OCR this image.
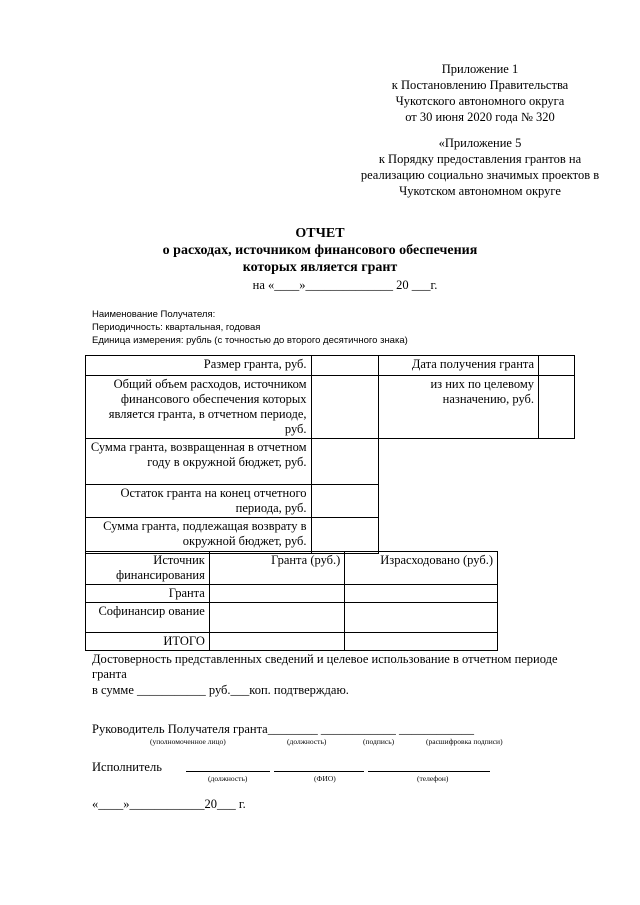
Приложение 1
к Постановлению Правительства
Чукотского автономного округа
от 30 июня 2020 года № 320
«Приложение 5
к Порядку предоставления грантов на
реализацию социально значимых проектов в
Чукотском автономном округе
ОТЧЕТ
о расходах, источником финансового обеспечения
которых является грант
на «____»______________ 20 ___г.
Наименование Получателя:
Периодичность: квартальная, годовая
Единица измерения: рубль (с точностью до второго десятичного знака)
Размер гранта, руб.		Дата получения гранта	
Общий объем расходов, источником финансового обеспечения которых является гранта, в отчетном периоде, руб.		из них по целевому назначению, руб.	
Сумма гранта, возвращенная в отчетном году в окружной бюджет, руб.			
Остаток гранта на конец отчетного периода, руб.			
Сумма гранта, подлежащая возврату в окружной бюджет, руб.			
Источник финансирования	Гранта (руб.)	Израсходовано (руб.)
Гранта		
Софинансир ование		
ИТОГО		
Достоверность представленных сведений и целевое использование в отчетном периоде
гранта
в сумме ___________ руб.___коп. подтверждаю.
Руководитель Получателя гранта________ ____________ ____________
(уполномоченное лицо)	(должность)	(подпись)	(расшифровка подписи)
Исполнитель
(должность)	(ФИО)	(телефон)
«____»____________20___ г.
